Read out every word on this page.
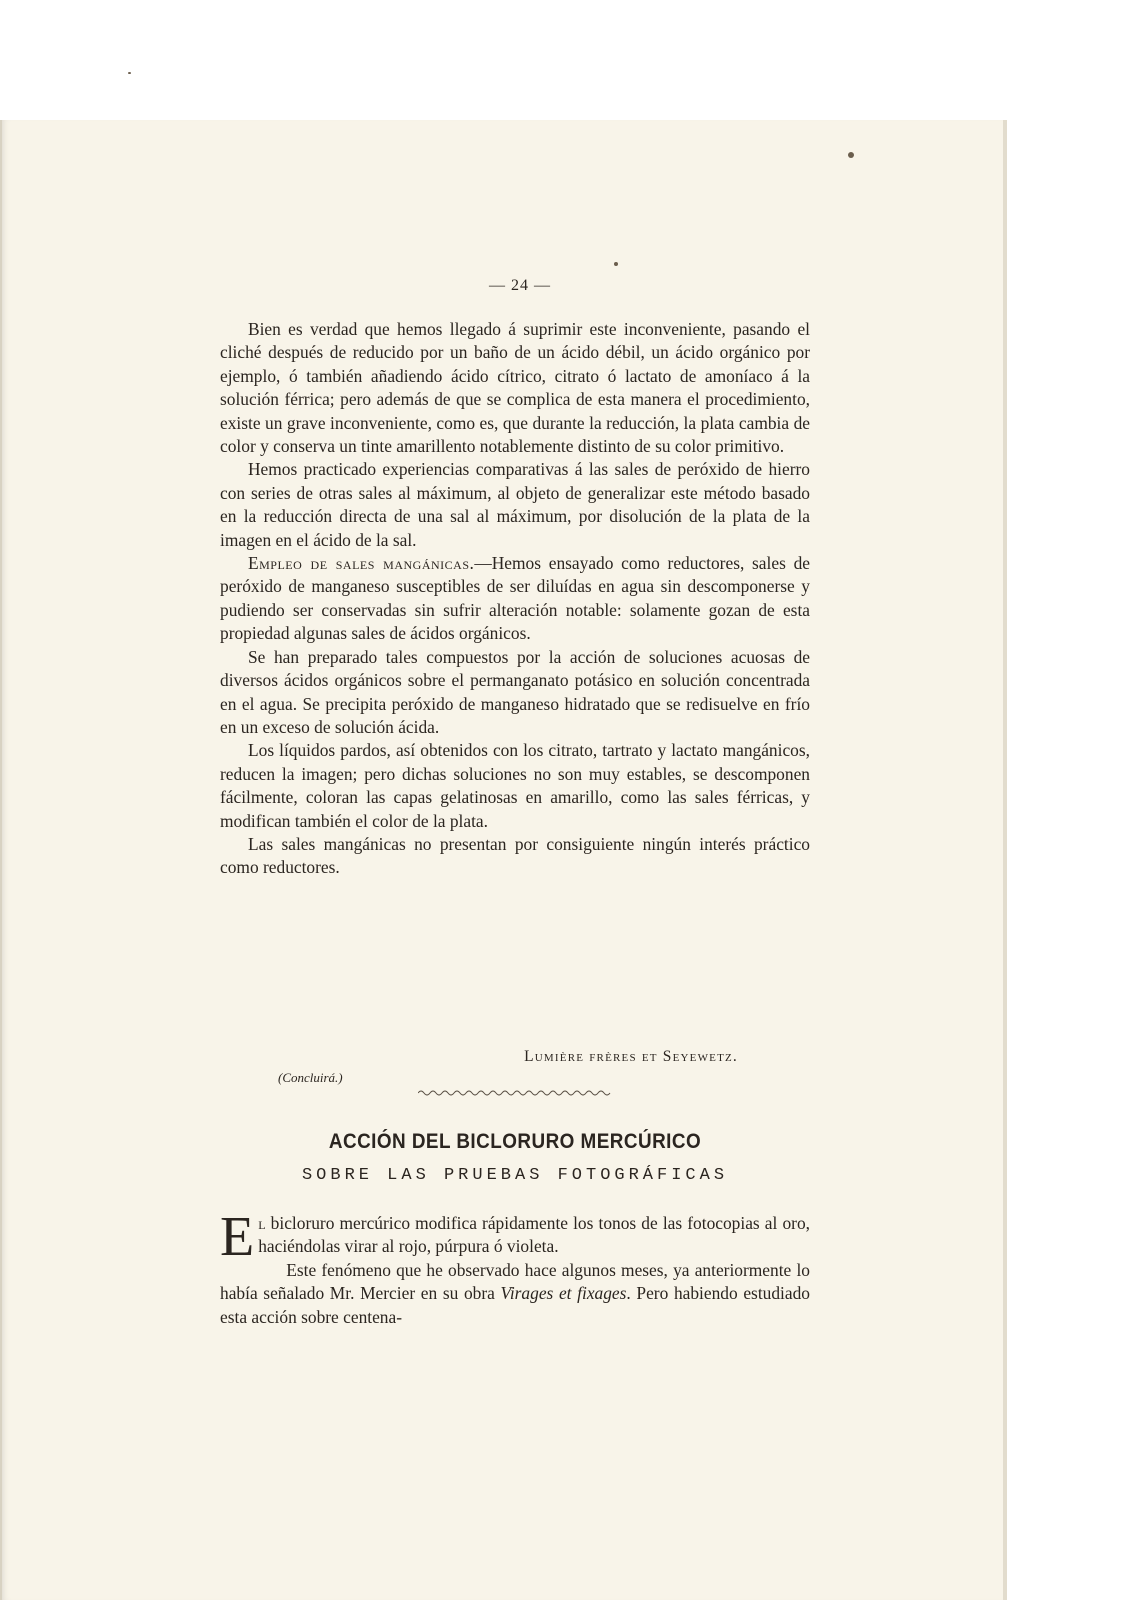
— 24 —

Bien es verdad que hemos llegado á suprimir este inconveniente, pasando el cliché después de reducido por un baño de un ácido débil, un ácido orgánico por ejemplo, ó también añadiendo ácido cítrico, citrato ó lactato de amoníaco á la solución férrica; pero además de que se complica de esta manera el procedimiento, existe un grave inconveniente, como es, que durante la reducción, la plata cambia de color y conserva un tinte amarillento notablemente distinto de su color primitivo.

Hemos practicado experiencias comparativas á las sales de peróxido de hierro con series de otras sales al máximum, al objeto de generalizar este método basado en la reducción directa de una sal al máximum, por disolución de la plata de la imagen en el ácido de la sal.

Empleo de sales mangánicas.—Hemos ensayado como reductores, sales de peróxido de manganeso susceptibles de ser diluídas en agua sin descomponerse y pudiendo ser conservadas sin sufrir alteración notable: solamente gozan de esta propiedad algunas sales de ácidos orgánicos.

Se han preparado tales compuestos por la acción de soluciones acuosas de diversos ácidos orgánicos sobre el permanganato potásico en solución concentrada en el agua. Se precipita peróxido de manganeso hidratado que se redisuelve en frío en un exceso de solución ácida.

Los líquidos pardos, así obtenidos con los citrato, tartrato y lactato mangánicos, reducen la imagen; pero dichas soluciones no son muy estables, se descomponen fácilmente, coloran las capas gelatinosas en amarillo, como las sales férricas, y modifican también el color de la plata.

Las sales mangánicas no presentan por consiguiente ningún interés práctico como reductores.

Lumière frères et Seyewetz.
(Concluirá.)
ACCIÓN DEL BICLORURO MERCÚRICO
SOBRE LAS PRUEBAS FOTOGRÁFICAS

El bicloruro mercúrico modifica rápidamente los tonos de las fotocopias al oro, haciéndolas virar al rojo, púrpura ó violeta.

Este fenómeno que he observado hace algunos meses, ya anteriormente lo había señalado Mr. Mercier en su obra Virages et fixages. Pero habiendo estudiado esta acción sobre centena-
